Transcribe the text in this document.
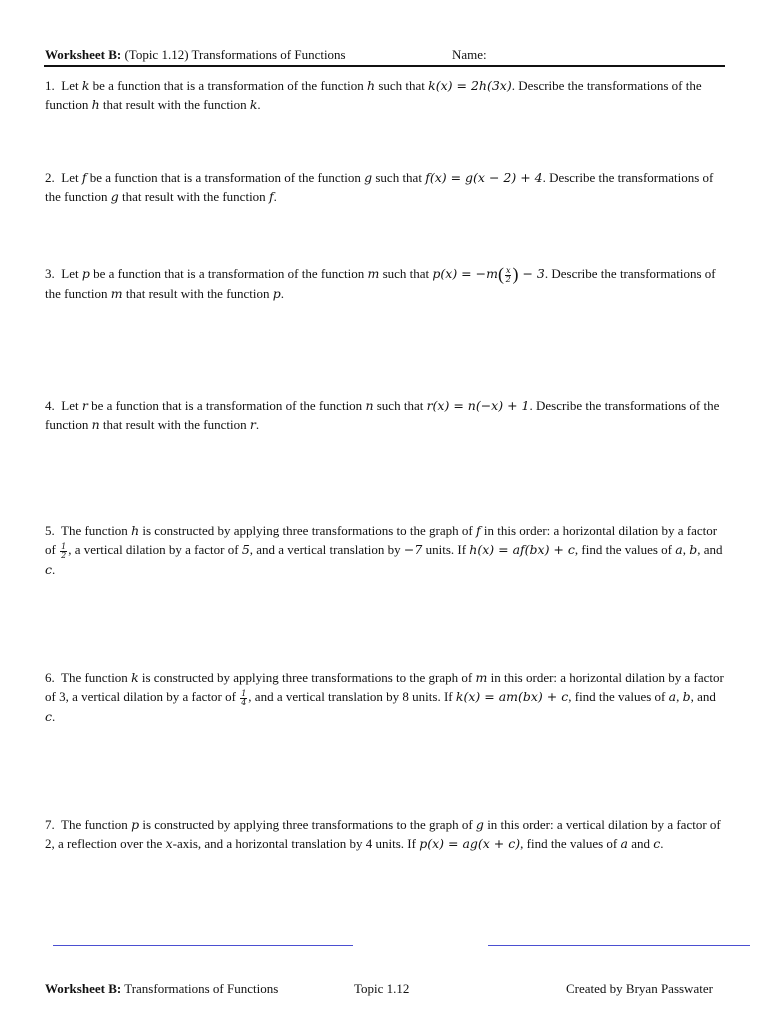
Worksheet B: (Topic 1.12) Transformations of Functions	Name:
1.  Let k be a function that is a transformation of the function h such that k(x) = 2h(3x). Describe the transformations of the function h that result with the function k.
2.  Let f be a function that is a transformation of the function g such that f(x) = g(x − 2) + 4. Describe the transformations of the function g that result with the function f.
3.  Let p be a function that is a transformation of the function m such that $p(x) = -m( \frac{x}{2}$ ) − 3. Describe the transformations of the function m that result with the function p.
4.  Let r be a function that is a transformation of the function n such that r(x) = n(−x) + 1. Describe the transformations of the function n that result with the function r.
5.  The function h is constructed by applying three transformations to the graph of f in this order: a horizontal dilation by a factor of $\frac{1}{2}$ , a vertical dilation by a factor of 5, and a vertical translation by −7 units. If h(x) = af(bx) + c, find the values of a, b, and c.
6.  The function k is constructed by applying three transformations to the graph of m in this order: a horizontal dilation by a factor of 3, a vertical dilation by a factor of $\frac{1}{4}$ , and a vertical translation by 8 units. If k(x) = am(bx) + c, find the values of a, b, and c.
7.  The function p is constructed by applying three transformations to the graph of g in this order: a vertical dilation by a factor of 2, a reflection over the x-axis, and a horizontal translation by 4 units. If p(x) = ag(x + c), find the values of a and c.
Worksheet B: Transformations of Functions	Topic 1.12	Created by Bryan Passwater
